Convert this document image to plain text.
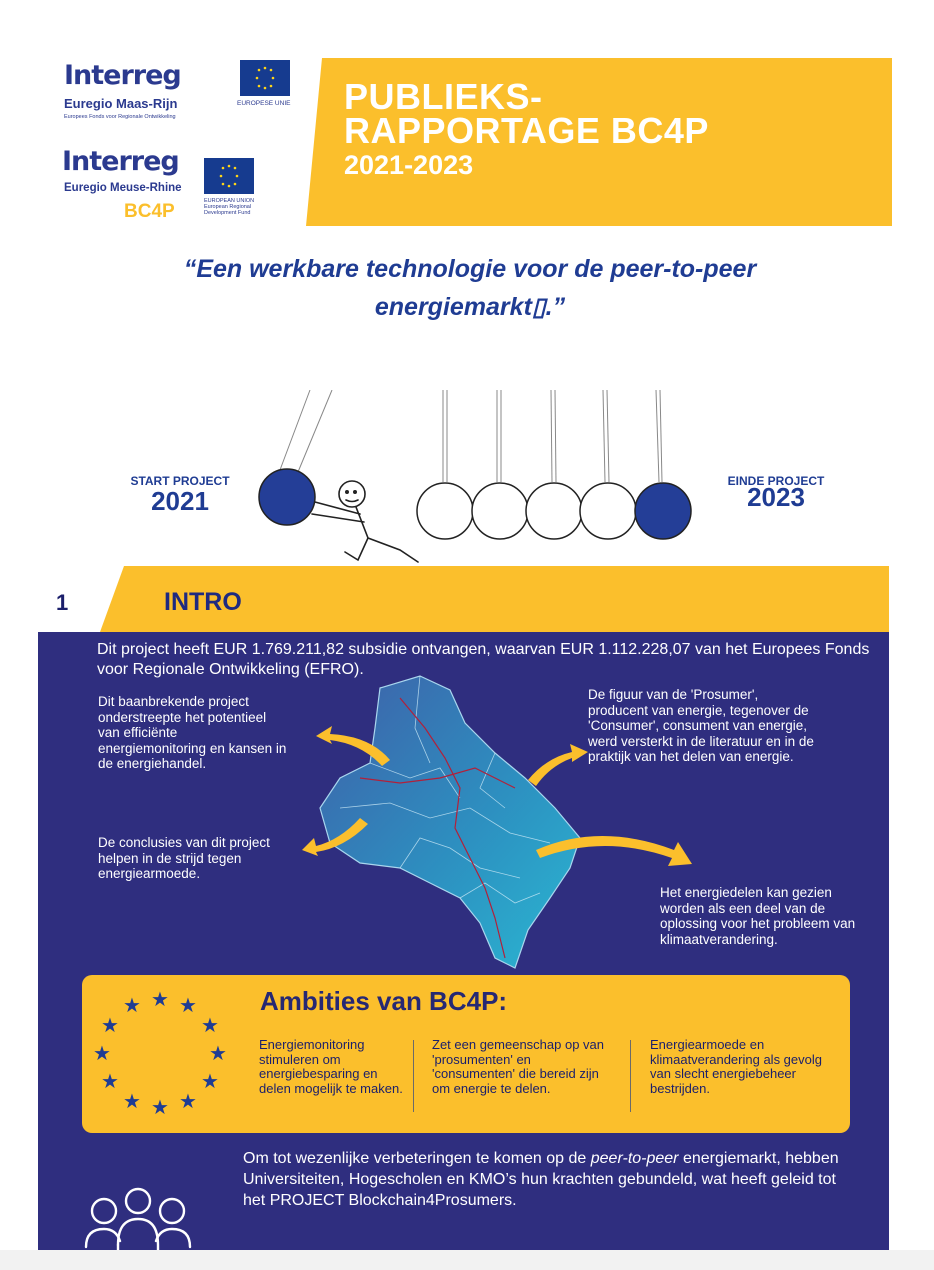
Interreg
Euregio Maas-Rijn
Europees Fonds voor Regionale Ontwikkeling
EUROPESE UNIE
Interreg
Euregio Meuse-Rhine
BC4P	EUROPEAN UNION
European Regional
Development Fund
PUBLIEKS-
RAPPORTAGE BC4P
2021-2023
“Een werkbare technologie voor de peer-to-peer energiemarkt▯.”
START PROJECT
2021
EINDE PROJECT
2023
1	INTRO
Dit project heeft EUR 1.769.211,82 subsidie ontvangen, waarvan EUR 1.112.228,07 van het Europees Fonds voor Regionale Ontwikkeling (EFRO).
Dit baanbrekende project onderstreepte het potentieel van efficiënte energiemonitoring en kansen in de energiehandel.
De figuur van de 'Prosumer', producent van energie, tegenover de 'Consumer', consument van energie, werd versterkt in de literatuur en in de praktijk van het delen van energie.
De conclusies van dit project helpen in de strijd tegen energiearmoede.
Het energiedelen kan gezien worden als een deel van de oplossing voor het probleem van klimaatverandering.
★ ★
★
★
★
★
★
★
★
★
★
★	Ambities van BC4P:
Energiemonitoring stimuleren om energiebesparing en delen mogelijk te maken.
Zet een gemeenschap op van 'prosumenten' en 'consumenten' die bereid zijn om energie te delen.
Energiearmoede en klimaatverandering als gevolg van slecht energiebeheer bestrijden.
Om tot wezenlijke verbeteringen te komen op de peer-to-peer energiemarkt, hebben Universiteiten, Hogescholen en KMO’s hun krachten gebundeld, wat heeft geleid tot het PROJECT Blockchain4Prosumers.
